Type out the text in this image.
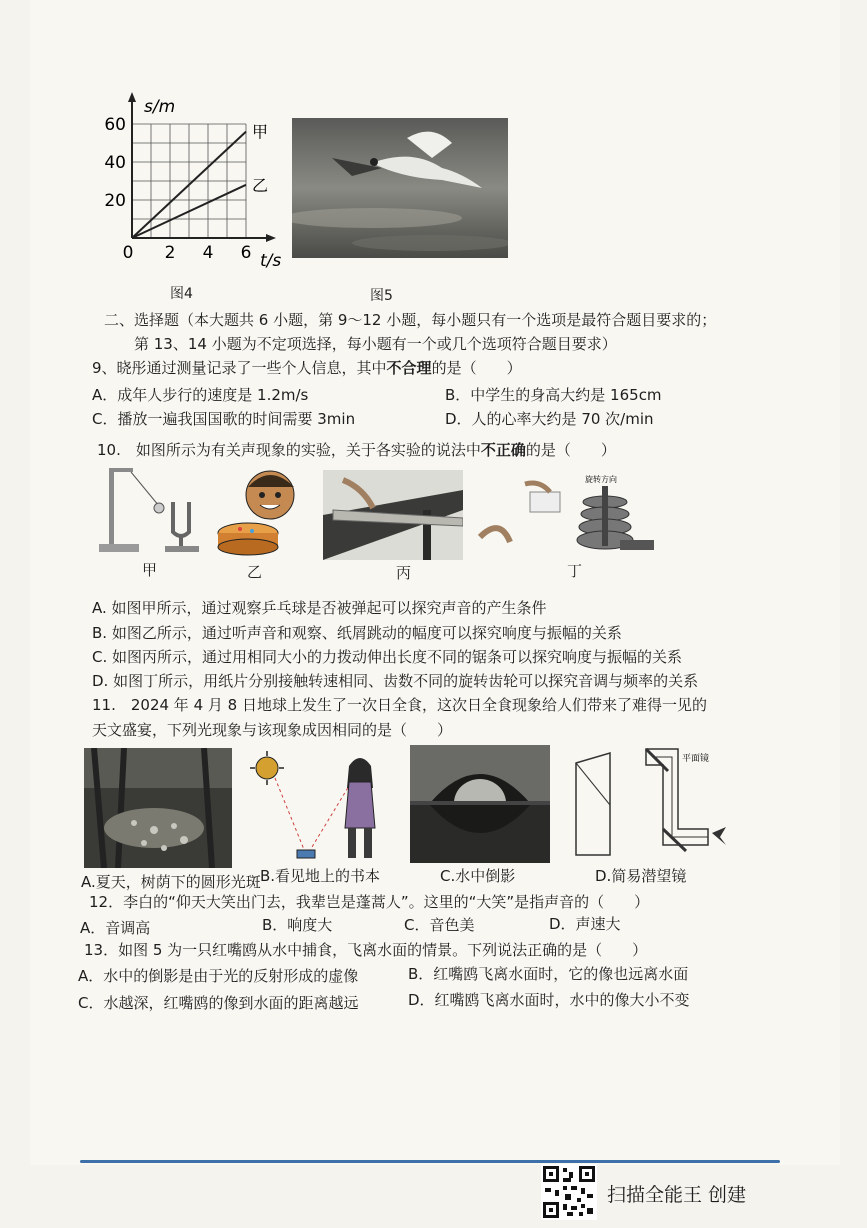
甲
乙
60
40
20
0 2 4 6
s/m
t/s
图4	图5
二、选择题（本大题共 6 小题，第 9～12 小题，每小题只有一个选项是最符合题目要求的；
第 13、14 小题为不定项选择，每小题有一个或几个选项符合题目要求）
9、晓彤通过测量记录了一些个人信息，其中不合理的是（　　）
A．成年人步行的速度是 1.2m/s	B．中学生的身高大约是 165cm
C．播放一遍我国国歌的时间需要 3min	D．人的心率大约是 70 次/min
10.　如图所示为有关声现象的实验，关于各实验的说法中不正确的是（　　）
旋转方向
甲	乙	丙	丁
A. 如图甲所示，通过观察乒乓球是否被弹起可以探究声音的产生条件
B. 如图乙所示，通过听声音和观察、纸屑跳动的幅度可以探究响度与振幅的关系
C. 如图丙所示，通过用相同大小的力拨动伸出长度不同的锯条可以探究响度与振幅的关系
D. 如图丁所示，用纸片分别接触转速相同、齿数不同的旋转齿轮可以探究音调与频率的关系
11.　2024 年 4 月 8 日地球上发生了一次日全食，这次日全食现象给人们带来了难得一见的
天文盛宴，下列光现象与该现象成因相同的是（　　）
平面镜
A.夏天，树荫下的圆形光斑 B.看见地上的书本	C.水中倒影	D.简易潜望镜
12．李白的“仰天大笑出门去，我辈岂是蓬蒿人”。这里的“大笑”是指声音的（　　）
A．音调高	B．响度大	C．音色美	D．声速大
13．如图 5 为一只红嘴鸥从水中捕食，飞离水面的情景。下列说法正确的是（　　）
A．水中的倒影是由于光的反射形成的虚像	B．红嘴鸥飞离水面时，它的像也远离水面
C．水越深，红嘴鸥的像到水面的距离越远	D．红嘴鸥飞离水面时，水中的像大小不变
扫描全能王 创建
